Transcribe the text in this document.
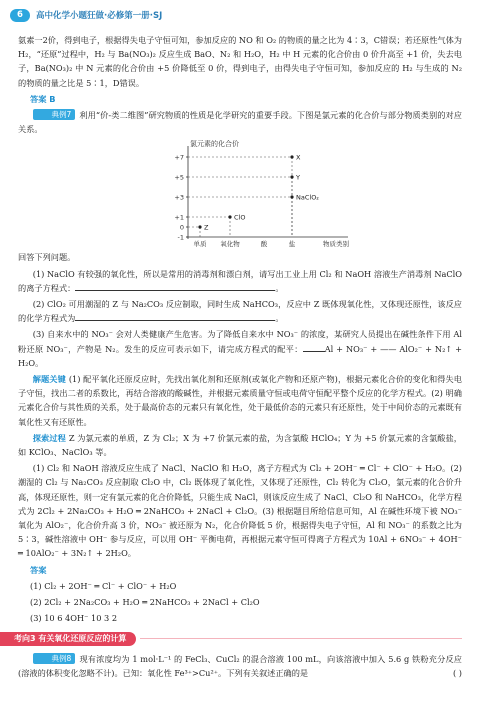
6	高中化学小题狂做·必修第一册·SJ

氨素一2价，得到电子，根据得失电子守恒可知，参加反应的 NO 和 O₂ 的物质的量之比为 4∶3，C错误；若还原性气体为 H₂，“还原”过程中，H₂ 与 Ba(NO₃)₂ 反应生成 BaO、N₂ 和 H₂O，H₂ 中 H 元素的化合价由 0 价升高至 +1 价，失去电子，Ba(NO₃)₂ 中 N 元素的化合价由 +5 价降低至 0 价，得到电子，由得失电子守恒可知，参加反应的 H₂ 与生成的 N₂ 的物质的量之比是 5∶1，D错误。

答案 B

典例7 利用“价-类二维图”研究物质的性质是化学研究的重要手段。下图是氯元素的化合价与部分物质类别的对应关系。

氯元素的化合价
+7
+5
+3
+1
0
-1
单质 氧化物	酸	盐	物质类别
X
Y
NaClO₂
ClO
Z

回答下列问题。

(1) NaClO 有较强的氧化性，所以是常用的消毒剂和漂白剂，请写出工业上用 Cl₂ 和 NaOH 溶液生产消毒剂 NaClO 的离子方程式：	。

(2) ClO₂ 可用潮湿的 Z 与 Na₂CO₃ 反应制取，同时生成 NaHCO₃，反应中 Z 既体现氧化性，又体现还原性，该反应的化学方程式为	。

(3) 自来水中的 NO₃⁻ 会对人类健康产生危害。为了降低自来水中 NO₃⁻ 的浓度，某研究人员提出在碱性条件下用 Al 粉还原 NO₃⁻，产物是 N₂。发生的反应可表示如下，请完成方程式的配平：	Al + NO₃⁻ + —— AlO₂⁻ + N₂↑ + H₂O。

解题关键 (1) 配平氧化还原反应时，先找出氧化剂和还原剂(或氧化产物和还原产物)，根据元素化合价的变化和得失电子守恒，找出二者的系数比，再结合溶液的酸碱性，并根据元素质量守恒或电荷守恒配平整个反应的化学方程式。(2) 明确元素化合价与其性质的关系，处于最高价态的元素只有氧化性，处于最低价态的元素只有还原性，处于中间价态的元素既有氧化性又有还原性。

探索过程 Z 为氯元素的单质，Z 为 Cl₂；X 为 +7 价氯元素的盐，为含氯酸 HClO₄；Y 为 +5 价氯元素的含氯酸盐，如 KClO₃、NaClO₃ 等。

(1) Cl₂ 和 NaOH 溶液反应生成了 NaCl、NaClO 和 H₂O，离子方程式为 Cl₂ + 2OH⁻ ═ Cl⁻ + ClO⁻ + H₂O。(2) 潮湿的 Cl₂ 与 Na₂CO₃ 反应制取 Cl₂O 中，Cl₂ 既体现了氧化性，又体现了还原性，Cl₂ 转化为 Cl₂O，氯元素的化合价升高，体现还原性，则一定有氯元素的化合价降低，只能生成 NaCl，则该反应生成了 NaCl、Cl₂O 和 NaHCO₃，化学方程式为 2Cl₂ + 2Na₂CO₃ + H₂O ═ 2NaHCO₃ + 2NaCl + Cl₂O。(3) 根据题目所给信息可知，Al 在碱性环境下被 NO₃⁻ 氧化为 AlO₂⁻，化合价升高 3 价，NO₃⁻ 被还原为 N₂，化合价降低 5 价，根据得失电子守恒，Al 和 NO₃⁻ 的系数之比为 5∶3，碱性溶液中 OH⁻ 参与反应，可以用 OH⁻ 平衡电荷，再根据元素守恒可得离子方程式为 10Al + 6NO₃⁻ + 4OH⁻ ═ 10AlO₂⁻ + 3N₂↑ + 2H₂O。

答案

(1) Cl₂ + 2OH⁻ ═ Cl⁻ + ClO⁻ + H₂O

(2) 2Cl₂ + 2Na₂CO₃ + H₂O ═ 2NaHCO₃ + 2NaCl + Cl₂O

(3) 10 6 4OH⁻ 10 3 2

考向3 有关氧化还原反应的计算

典例8 现有浓度均为 1 mol·L⁻¹ 的 FeCl₃、CuCl₂ 的混合溶液 100 mL，向该溶液中加入 5.6 g 铁粉充分反应(溶液的体积变化忽略不计)。已知：氧化性 Fe³⁺>Cu²⁺。下列有关叙述正确的是	( )
